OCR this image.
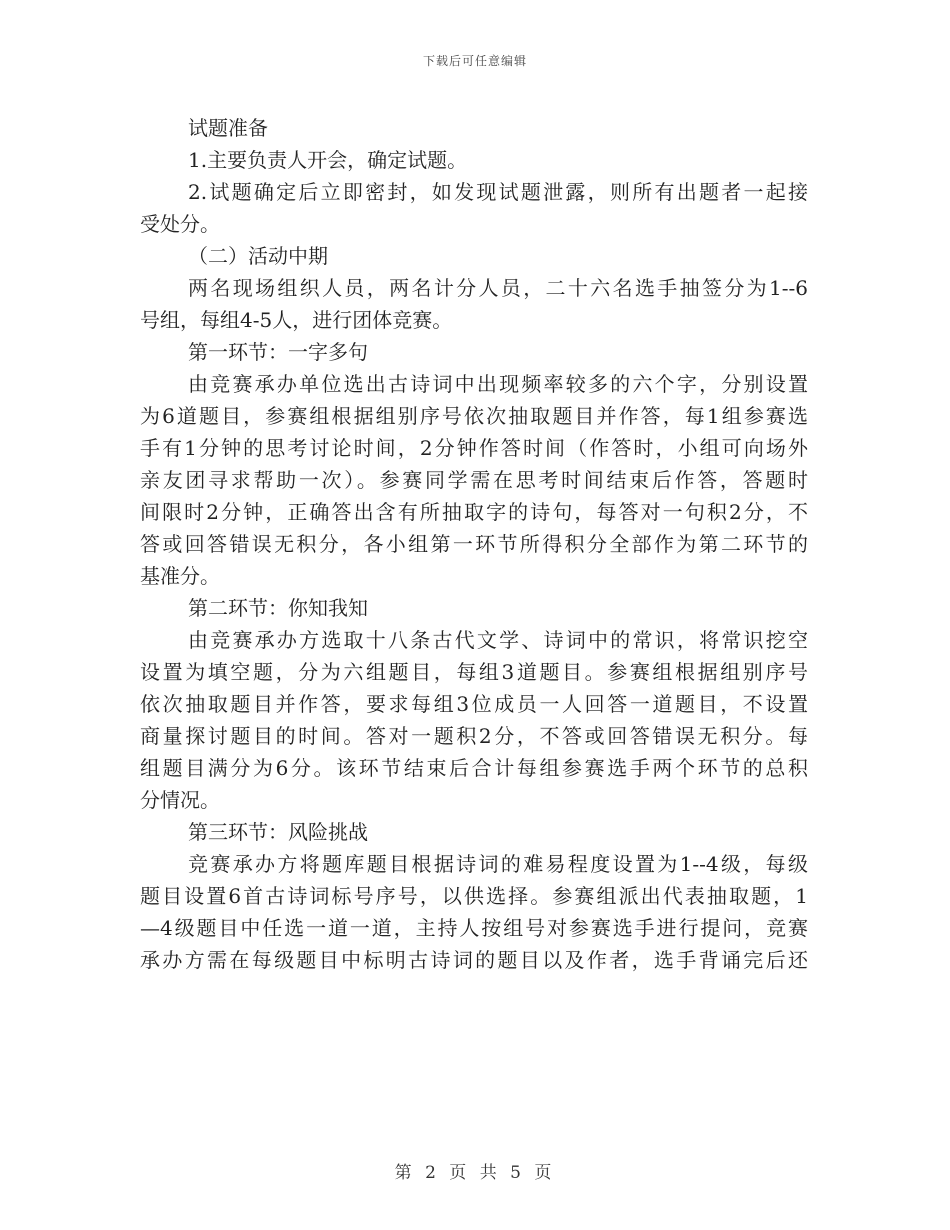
下载后可任意编辑
试题准备
1.主要负责人开会，确定试题。
2.试题确定后立即密封，如发现试题泄露，则所有出题者一起接
受处分。
（二）活动中期
两名现场组织人员，两名计分人员，二十六名选手抽签分为1--6
号组，每组4-5人，进行团体竞赛。
第一环节：一字多句
由竞赛承办单位选出古诗词中出现频率较多的六个字，分别设置
为6道题目，参赛组根据组别序号依次抽取题目并作答，每1组参赛选
手有1分钟的思考讨论时间，2分钟作答时间（作答时，小组可向场外
亲友团寻求帮助一次）。参赛同学需在思考时间结束后作答，答题时
间限时2分钟，正确答出含有所抽取字的诗句，每答对一句积2分，不
答或回答错误无积分，各小组第一环节所得积分全部作为第二环节的
基准分。
第二环节：你知我知
由竞赛承办方选取十八条古代文学、诗词中的常识，将常识挖空
设置为填空题，分为六组题目，每组3道题目。参赛组根据组别序号
依次抽取题目并作答，要求每组3位成员一人回答一道题目，不设置
商量探讨题目的时间。答对一题积2分，不答或回答错误无积分。每
组题目满分为6分。该环节结束后合计每组参赛选手两个环节的总积
分情况。
第三环节：风险挑战
竞赛承办方将题库题目根据诗词的难易程度设置为1--4级，每级
题目设置6首古诗词标号序号，以供选择。参赛组派出代表抽取题，1
—4级题目中任选一道一道，主持人按组号对参赛选手进行提问，竞赛
承办方需在每级题目中标明古诗词的题目以及作者，选手背诵完后还
第 2 页 共 5 页
